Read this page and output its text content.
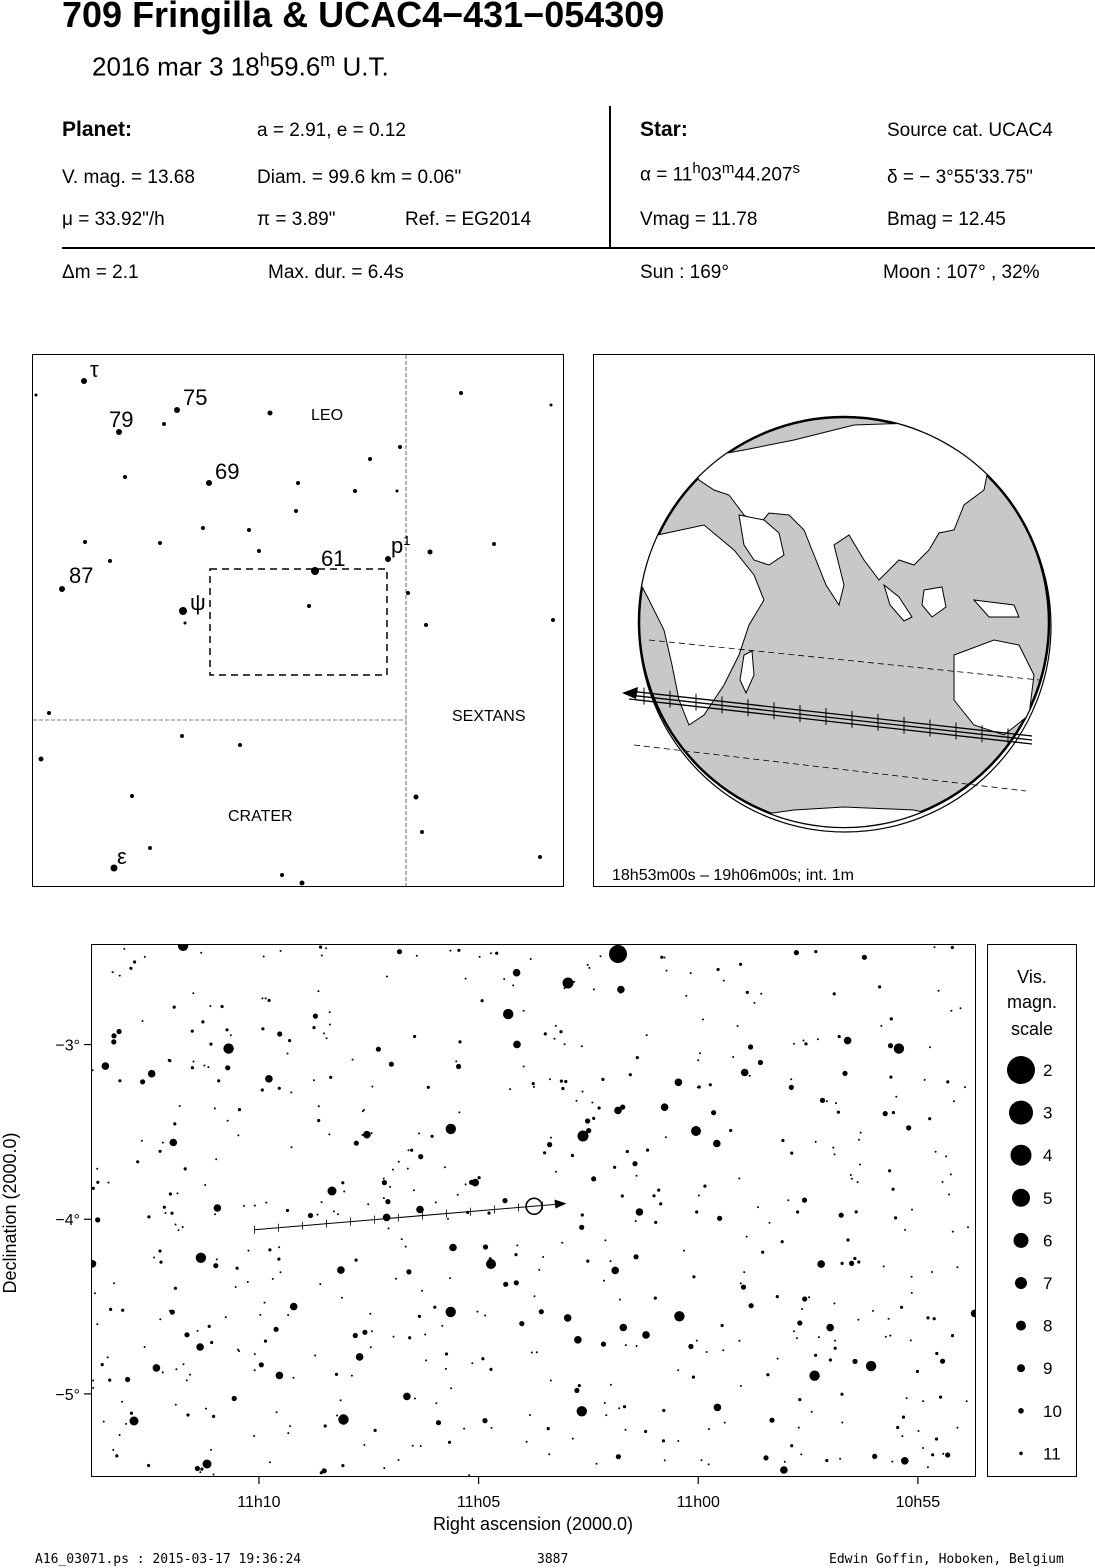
709 Fringilla & UCAC4−431−054309
2016 mar 3 18$^h$59.6$^m$ U.T.
Planet:	a = 2.91, e = 0.12
V. mag. = 13.68	Diam. = 99.6 km = 0.06"
μ = 33.92"/h	π = 3.89"	Ref. = EG2014
Star:	Source cat. UCAC4
$\alpha = 11^h03^m44.207^s$	δ = − 3°55'33.75"
Vmag = 11.78	Bmag = 12.45
Δm = 2.1	Max. dur. = 6.4s	Sun : 169°	Moon : 107° , 32%
LEO
SEXTANS
CRATER
τ
75
79
69
61
$p^1$
87
ψ
ε
18h53m00s – 19h06m00s; int. 1m
11h10	11h05	11h00	10h55
−3°
−4°
−5°
Right ascension (2000.0)
Declination (2000.0)
Vis.
magn.
scale
2
3
4
5
6
7
8
9
10
11
A16_03071.ps : 2015-03-17 19:36:24	3887	Edwin Goffin, Hoboken, Belgium
